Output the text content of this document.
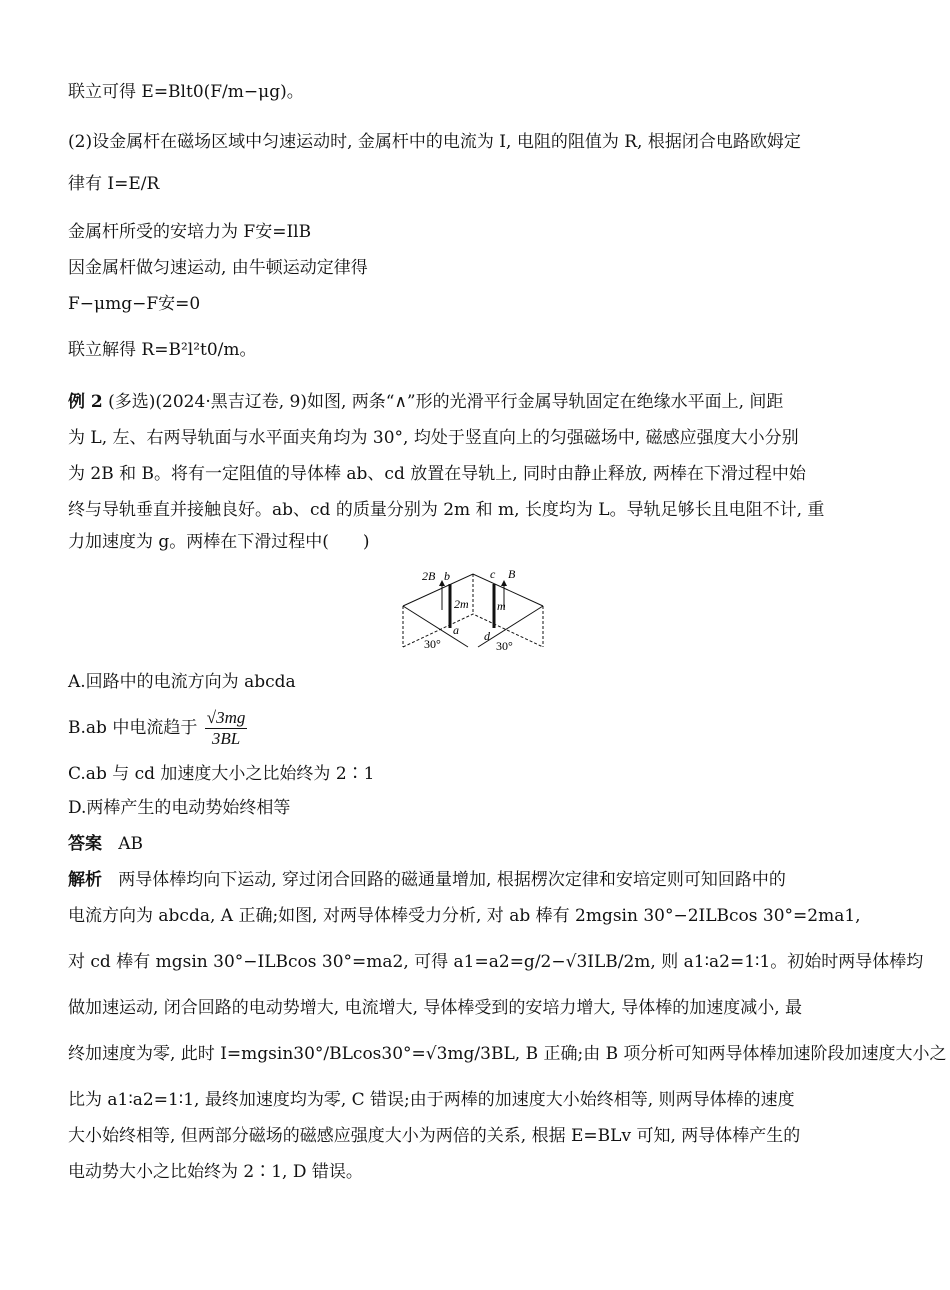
联立可得 E=Blt0(F/m−μg)。
(2)设金属杆在磁场区域中匀速运动时, 金属杆中的电流为 I, 电阻的阻值为 R, 根据闭合电路欧姆定
律有 I=E/R
金属杆所受的安培力为 F安=IlB
因金属杆做匀速运动, 由牛顿运动定律得
F−μmg−F安=0
联立解得 R=B²l²t0/m。
例 2 (多选)(2024·黑吉辽卷, 9)如图, 两条“∧”形的光滑平行金属导轨固定在绝缘水平面上, 间距
为 L, 左、右两导轨面与水平面夹角均为 30°, 均处于竖直向上的匀强磁场中, 磁感应强度大小分别
为 2B 和 B。将有一定阻值的导体棒 ab、cd 放置在导轨上, 同时由静止释放, 两棒在下滑过程中始
终与导轨垂直并接触良好。ab、cd 的质量分别为 2m 和 m, 长度均为 L。导轨足够长且电阻不计, 重
力加速度为 g。两棒在下滑过程中(　　)
2B b	c B
2m m
a d
30°	30°
A.回路中的电流方向为 abcda
B.ab 中电流趋于 $\frac{√3mg}{3BL}$
C.ab 与 cd 加速度大小之比始终为 2∶1
D.两棒产生的电动势始终相等
答案 AB
解析 两导体棒均向下运动, 穿过闭合回路的磁通量增加, 根据楞次定律和安培定则可知回路中的
电流方向为 abcda, A 正确;如图, 对两导体棒受力分析, 对 ab 棒有 2mgsin 30°−2ILBcos 30°=2ma1,
对 cd 棒有 mgsin 30°−ILBcos 30°=ma2, 可得 a1=a2=g/2−√3ILB/2m, 则 a1∶a2=1∶1。初始时两导体棒均
做加速运动, 闭合回路的电动势增大, 电流增大, 导体棒受到的安培力增大, 导体棒的加速度减小, 最
终加速度为零, 此时 I=mgsin30°/BLcos30°=√3mg/3BL, B 正确;由 B 项分析可知两导体棒加速阶段加速度大小之
比为 a1∶a2=1∶1, 最终加速度均为零, C 错误;由于两棒的加速度大小始终相等, 则两导体棒的速度
大小始终相等, 但两部分磁场的磁感应强度大小为两倍的关系, 根据 E=BLv 可知, 两导体棒产生的
电动势大小之比始终为 2∶1, D 错误。
